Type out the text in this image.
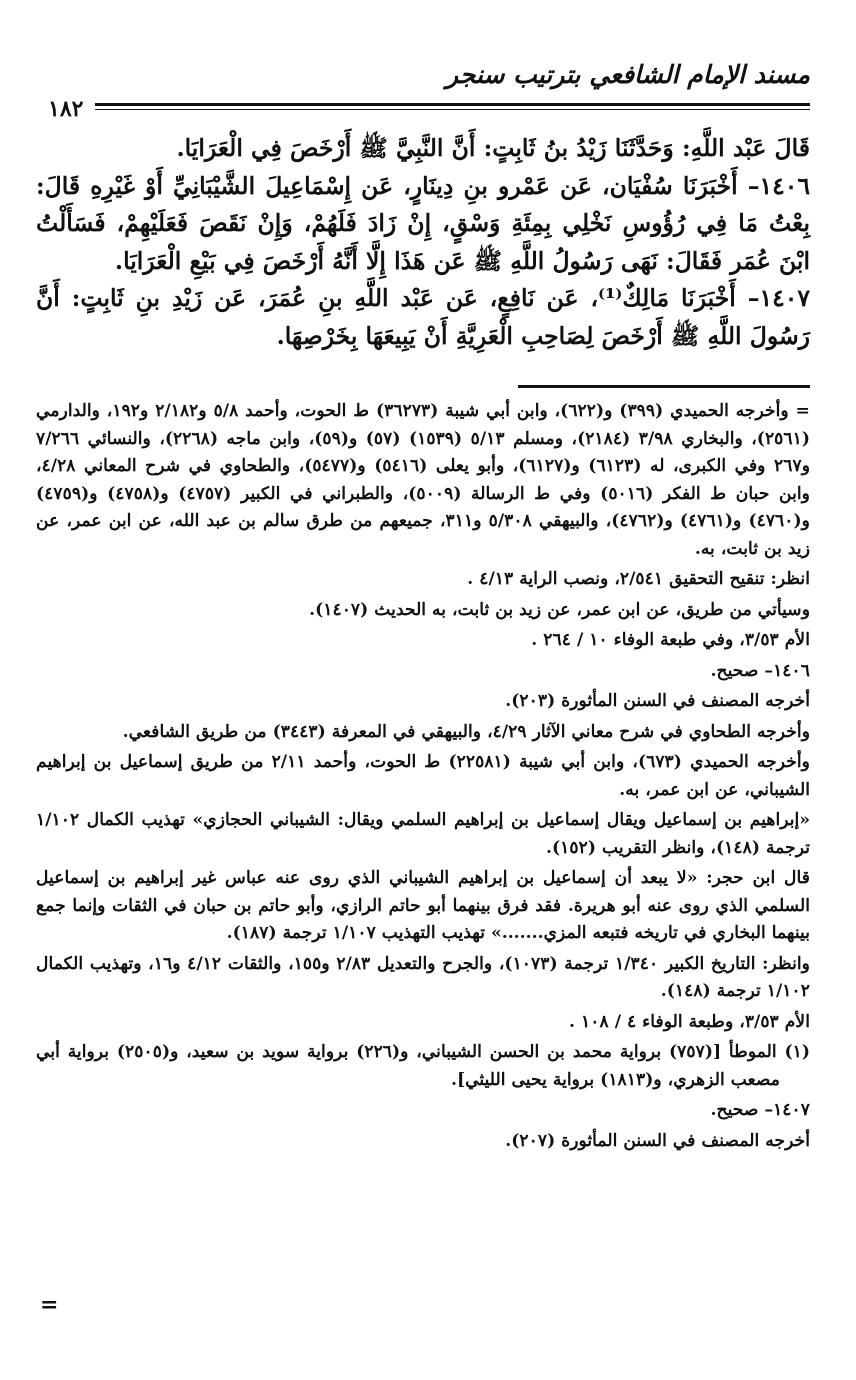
مسند الإمام الشافعي بترتيب سنجر
١٨٢

قَالَ عَبْد اللَّهِ: وَحَدَّثَنَا زَيْدُ بنُ ثَابِتٍ: أَنَّ النَّبِيَّ ﷺ أَرْخَصَ فِي الْعَرَايَا.

١٤٠٦– أَخْبَرَنَا سُفْيَان، عَن عَمْرو بنِ دِينَارٍ، عَن إِسْمَاعِيلَ الشَّيْبَانِيِّ أَوْ غَيْرِهِ قَالَ: بِعْتُ مَا فِي رُؤُوسِ نَخْلِي بِمِئَةِ وَسْقٍ، إِنْ زَادَ فَلَهُمْ، وَإِنْ نَقَصَ فَعَلَيْهِمْ، فَسَأَلْتُ ابْنَ عُمَر فَقَالَ: نَهَى رَسُولُ اللَّهِ ﷺ عَن هَذَا إِلَّا أَنَّهُ أَرْخَصَ فِي بَيْعِ الْعَرَايَا.

١٤٠٧– أَخْبَرَنَا مَالِكٌ⁽¹⁾، عَن نَافِعٍ، عَن عَبْد اللَّهِ بنِ عُمَرَ، عَن زَيْدِ بنِ ثَابِتٍ: أَنَّ رَسُولَ اللَّهِ ﷺ أَرْخَصَ لِصَاحِبِ الْعَرِيَّةِ أَنْ يَبِيعَهَا بِخَرْصِهَا.

= وأخرجه الحميدي (٣٩٩) و(٦٢٢)، وابن أبي شيبة (٣٦٢٧٣) ط الحوت، وأحمد ٥/٨ و٢/١٨٢ و١٩٢، والدارمي (٢٥٦١)، والبخاري ٣/٩٨ (٢١٨٤)، ومسلم ٥/١٣ (١٥٣٩) (٥٧) و(٥٩)، وابن ماجه (٢٢٦٨)، والنسائي ٧/٢٦٦ و٢٦٧ وفي الكبرى، له (٦١٢٣) و(٦١٢٧)، وأبو يعلى (٥٤١٦) و(٥٤٧٧)، والطحاوي في شرح المعاني ٤/٢٨، وابن حبان ط الفكر (٥٠١٦) وفي ط الرسالة (٥٠٠٩)، والطبراني في الكبير (٤٧٥٧) و(٤٧٥٨) و(٤٧٥٩) و(٤٧٦٠) و(٤٧٦١) و(٤٧٦٢)، والبيهقي ٥/٣٠٨ و٣١١، جميعهم من طرق سالم بن عبد الله، عن ابن عمر، عن زيد بن ثابت، به.

انظر: تنقيح التحقيق ٢/٥٤١، ونصب الراية ٤/١٣ .

وسيأتي من طريق، عن ابن عمر، عن زيد بن ثابت، به الحديث (١٤٠٧).

الأم ٣/٥٣، وفي طبعة الوفاء ١٠ / ٢٦٤ .

١٤٠٦– صحيح.

أخرجه المصنف في السنن المأثورة (٢٠٣).

وأخرجه الطحاوي في شرح معاني الآثار ٤/٢٩، والبيهقي في المعرفة (٣٤٤٣) من طريق الشافعي.

وأخرجه الحميدي (٦٧٣)، وابن أبي شيبة (٢٢٥٨١) ط الحوت، وأحمد ٢/١١ من طريق إسماعيل بن إبراهيم الشيباني، عن ابن عمر، به.

«إبراهيم بن إسماعيل ويقال إسماعيل بن إبراهيم السلمي ويقال: الشيباني الحجازي» تهذيب الكمال ١/١٠٢ ترجمة (١٤٨)، وانظر التقريب (١٥٢).

قال ابن حجر: «لا يبعد أن إسماعيل بن إبراهيم الشيباني الذي روى عنه عباس غير إبراهيم بن إسماعيل السلمي الذي روى عنه أبو هريرة. فقد فرق بينهما أبو حاتم الرازي، وأبو حاتم بن حبان في الثقات وإنما جمع بينهما البخاري في تاريخه فتبعه المزي.......» تهذيب التهذيب ١/١٠٧ ترجمة (١٨٧).

وانظر: التاريخ الكبير ١/٣٤٠ ترجمة (١٠٧٣)، والجرح والتعديل ٢/٨٣ و١٥٥، والثقات ٤/١٢ و١٦، وتهذيب الكمال ١/١٠٢ ترجمة (١٤٨).

الأم ٣/٥٣، وطبعة الوفاء ٤ / ١٠٨ .

(١) الموطأ [(٧٥٧) برواية محمد بن الحسن الشيباني، و(٢٢٦) برواية سويد بن سعيد، و(٢٥٠٥) برواية أبي مصعب الزهري، و(١٨١٣) برواية يحيى الليثي].

١٤٠٧– صحيح.

أخرجه المصنف في السنن المأثورة (٢٠٧).

=
